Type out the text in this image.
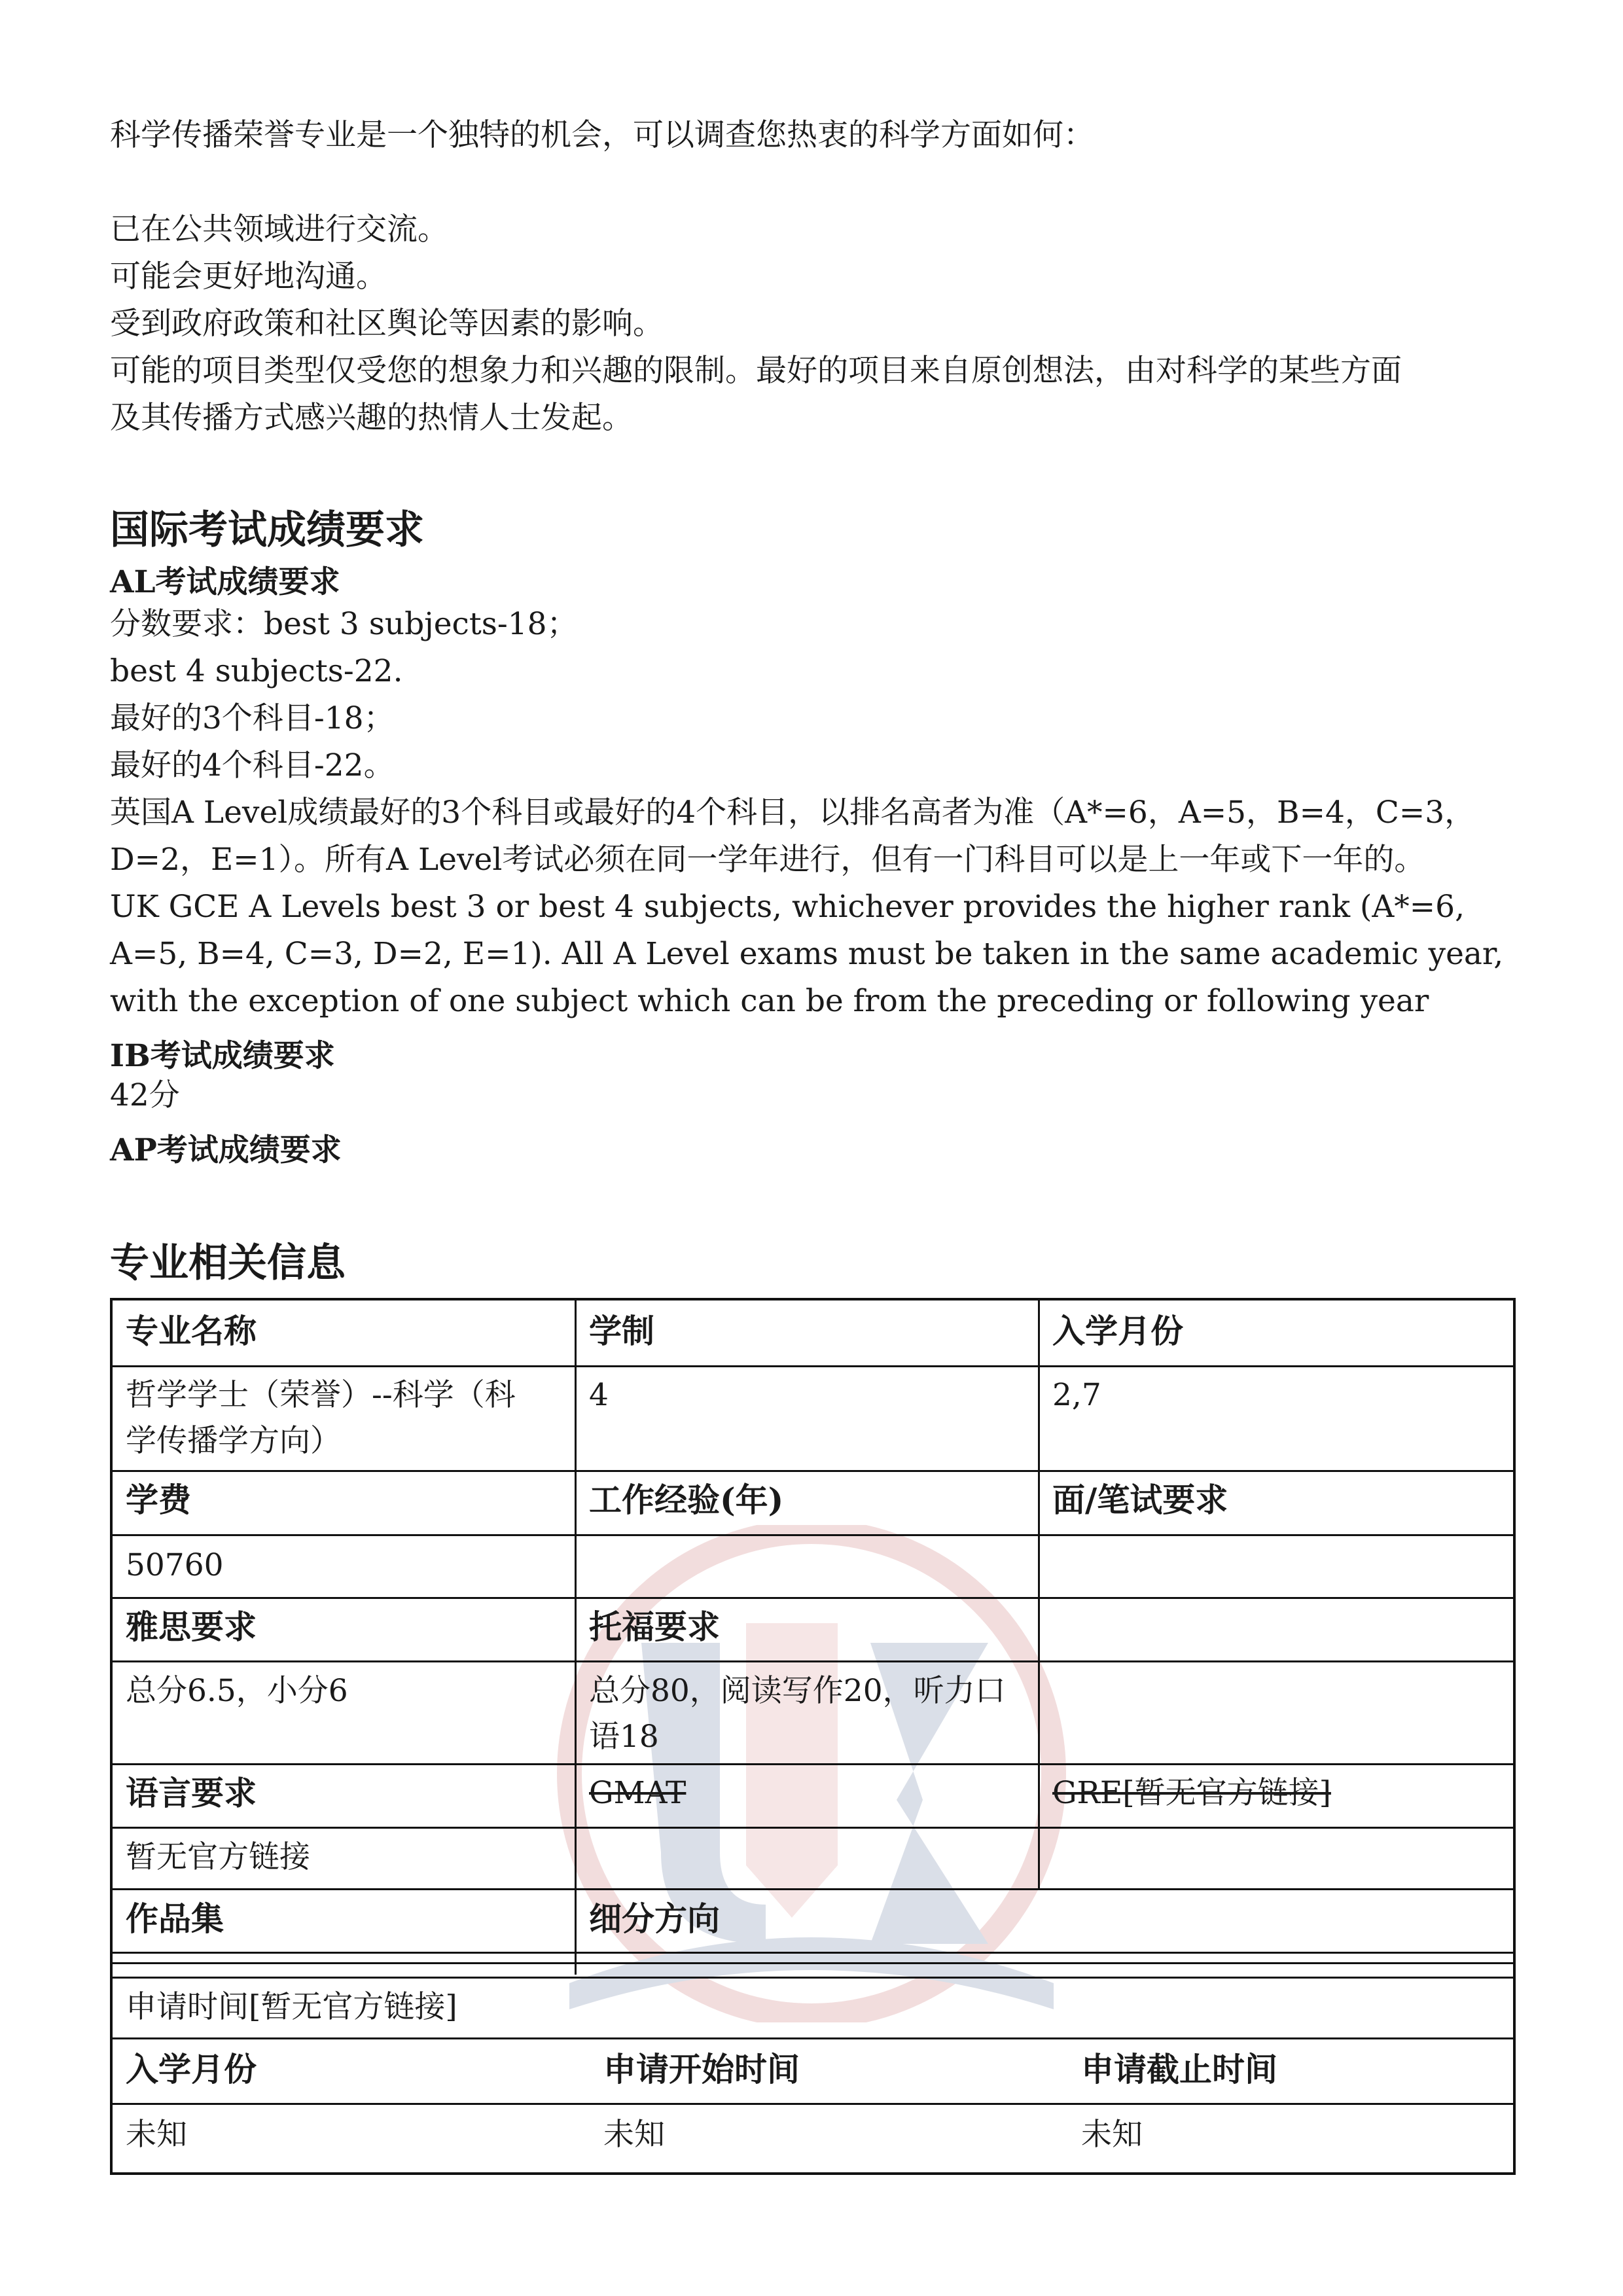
科学传播荣誉专业是一个独特的机会，可以调查您热衷的科学方面如何：
已在公共领域进行交流。
可能会更好地沟通。
受到政府政策和社区舆论等因素的影响。
可能的项目类型仅受您的想象力和兴趣的限制。最好的项目来自原创想法，由对科学的某些方面
及其传播方式感兴趣的热情人士发起。
国际考试成绩要求
AL考试成绩要求
分数要求：best 3 subjects-18；
best 4 subjects-22.
最好的3个科目-18；
最好的4个科目-22。
英国A Level成绩最好的3个科目或最好的4个科目，以排名高者为准（A*=6，A=5，B=4，C=3，
D=2，E=1）。所有A Level考试必须在同一学年进行，但有一门科目可以是上一年或下一年的。
UK GCE A Levels best 3 or best 4 subjects, whichever provides the higher rank (A*=6,
A=5, B=4, C=3, D=2, E=1). All A Level exams must be taken in the same academic year,
with the exception of one subject which can be from the preceding or following year
IB考试成绩要求
42分
AP考试成绩要求
专业相关信息
专业名称	学制	入学月份
哲学学士（荣誉）--科学（科
学传播学方向）
4	2,7
学费	工作经验(年)	面/笔试要求
50760
雅思要求	托福要求
总分6.5，小分6	总分80，阅读写作20，听力口
语18
语言要求	GMAT	GRE[暂无官方链接]
暂无官方链接
作品集	细分方向
申请时间[暂无官方链接]
入学月份	申请开始时间	申请截止时间
未知	未知	未知
